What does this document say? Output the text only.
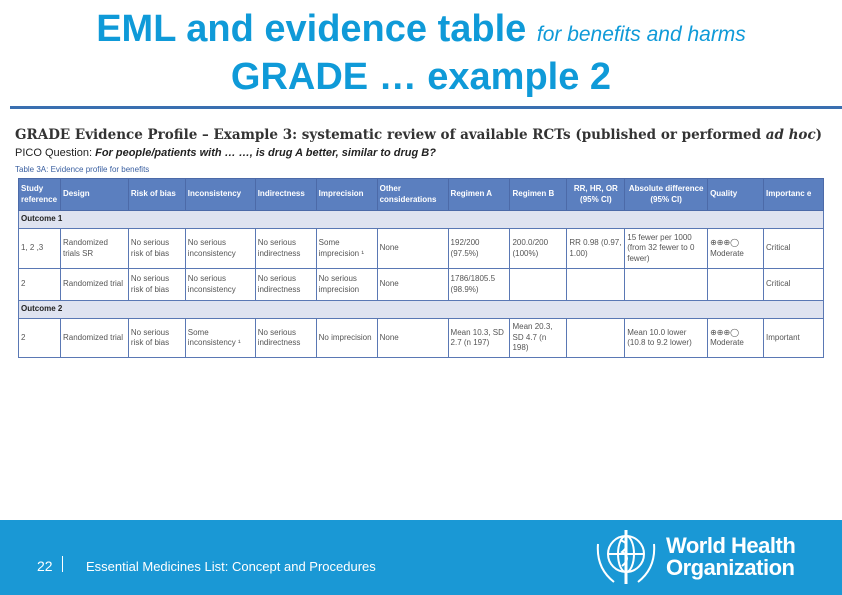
EML and evidence table for benefits and harms
GRADE … example 2
GRADE Evidence Profile – Example 3: systematic review of available RCTs (published or performed ad hoc)
PICO Question: For people/patients with … …, is drug A better, similar to drug B?
Table 3A: Evidence profile for benefits
Study reference	Design	Risk of bias	Inconsistency	Indirectness	Imprecision	Other considerations	Regimen A	Regimen B	RR, HR, OR (95% CI)	Absolute difference (95% CI)	Quality	Importanc e
Outcome 1												
1, 2 ,3	Randomized trials SR	No serious risk of bias	No serious inconsistency	No serious indirectness	Some imprecision ¹	None	192/200 (97.5%)	200.0/200 (100%)	RR 0.98 (0.97, 1.00)	15 fewer per 1000 (from 32 fewer to 0 fewer)	⊕⊕⊕◯ Moderate	Critical
2	Randomized trial	No serious risk of bias	No serious inconsistency	No serious indirectness	No serious imprecision	None	1786/1805.5 (98.9%)					Critical
Outcome 2												
2	Randomized trial	No serious risk of bias	Some inconsistency ¹	No serious indirectness	No imprecision	None	Mean 10.3, SD 2.7 (n 197)	Mean 20.3, SD 4.7 (n 198)		Mean 10.0 lower (10.8 to 9.2 lower)	⊕⊕⊕◯ Moderate	Important
22	Essential Medicines List: Concept and Procedures
World Health
Organization
